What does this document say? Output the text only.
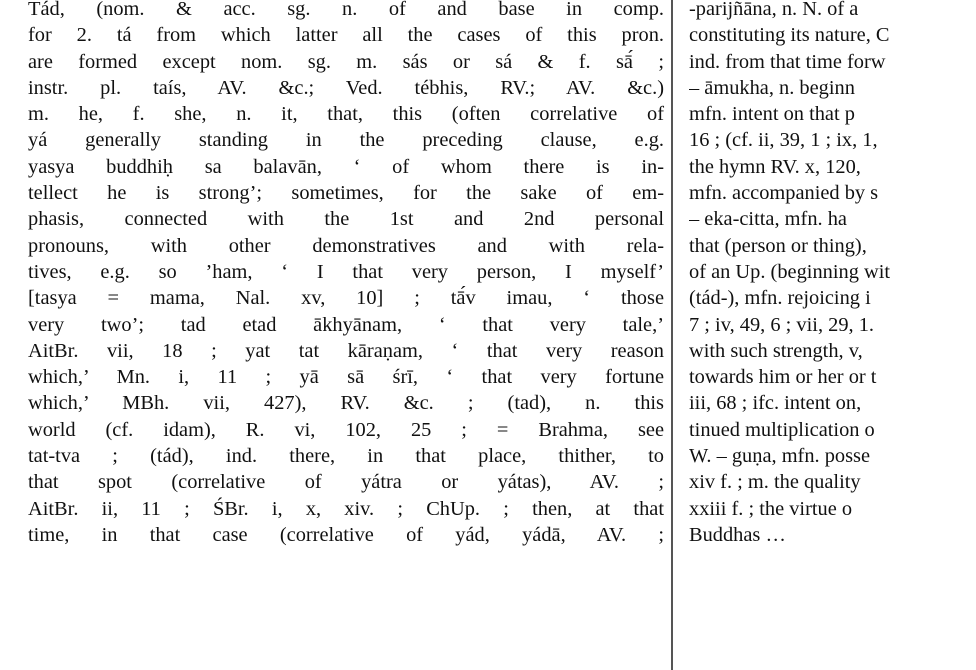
Tád, (nom. & acc. sg. n. of and base in comp.
for 2. tá from which latter all the cases of this pron.
are formed except nom. sg. m. sás or sá & f. sā́ ;
instr. pl. taís, AV. &c.; Ved. tébhis, RV.; AV. &c.)
m. he, f. she, n. it, that, this (often correlative of
yá generally standing in the preceding clause, e.g.
yasya buddhiḥ sa balavān, ‘ of whom there is in-
tellect he is strong’; sometimes, for the sake of em-
phasis, connected with the 1st and 2nd personal
pronouns, with other demonstratives and with rela-
tives, e.g. so ’ham, ‘ I that very person, I myself’
[tasya = mama, Nal. xv, 10] ; tā́v imau, ‘ those
very two’; tad etad ākhyānam, ‘ that very tale,’
AitBr. vii, 18 ; yat tat kāraṇam, ‘ that very reason
which,’ Mn. i, 11 ; yā sā śrī, ‘ that very fortune
which,’ MBh. vii, 427), RV. &c. ; (tad), n. this
world (cf. idam), R. vi, 102, 25 ; = Brahma, see
tat-tva ; (tád), ind. there, in that place, thither, to
that spot (correlative of yátra or yátas), AV. ;
AitBr. ii, 11 ; ŚBr. i, x, xiv. ; ChUp. ; then, at that
time, in that case (correlative of yád, yádā, AV. ;
-parijñāna, n. N. of a
constituting its nature, C
ind. from that time forw
– āmukha, n. beginn
mfn. intent on that p
16 ; (cf. ii, 39, 1 ; ix, 1,
the hymn RV. x, 120,
mfn. accompanied by s
– eka-citta, mfn. ha
that (person or thing),
of an Up. (beginning wit
(tád-), mfn. rejoicing i
7 ; iv, 49, 6 ; vii, 29, 1.
with such strength, v,
towards him or her or t
iii, 68 ; ifc. intent on,
tinued multiplication o
W. – guṇa, mfn. posse
xiv f. ; m. the quality
xxiii f. ; the virtue o
Buddhas …
